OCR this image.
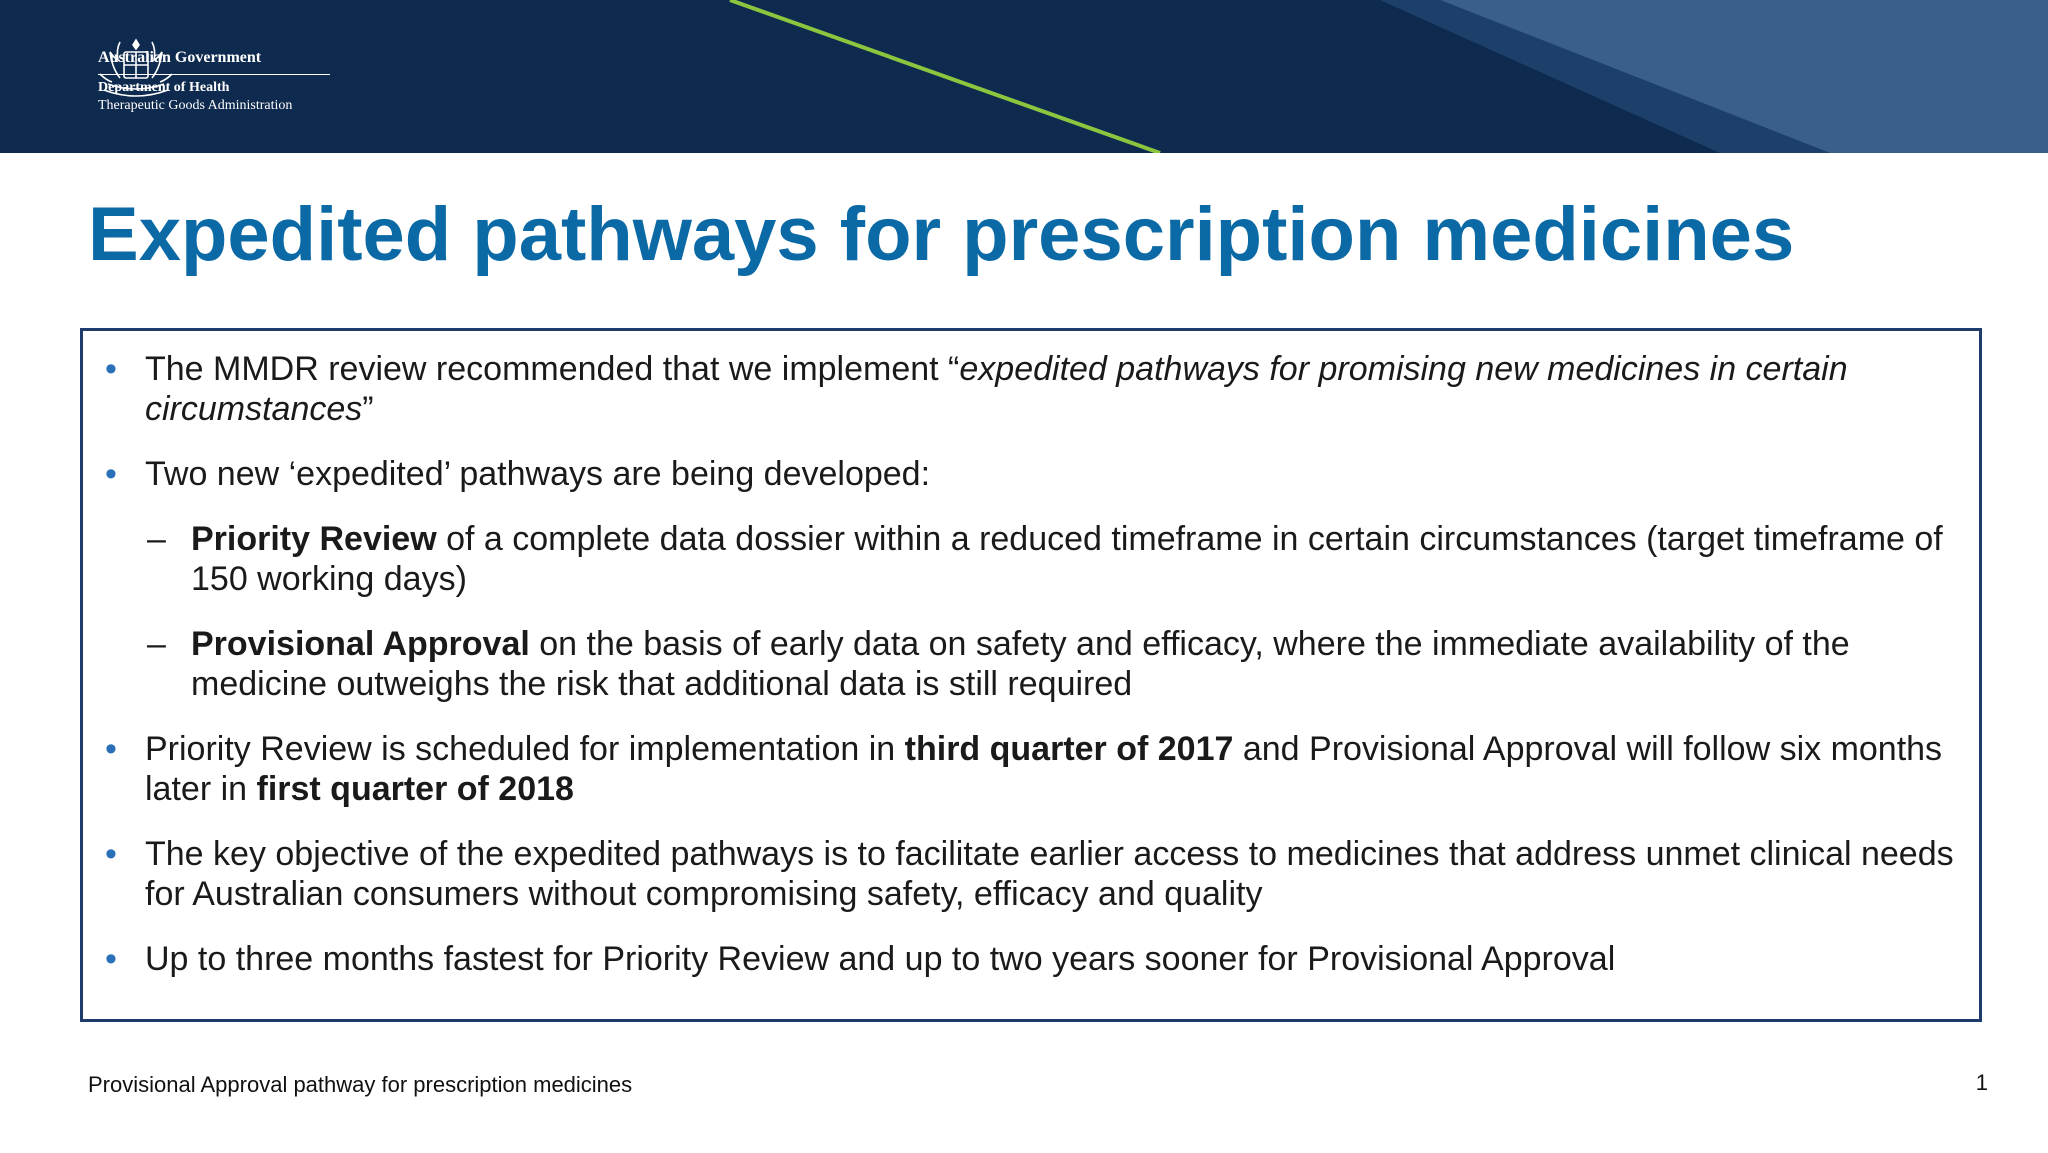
Australian Government
Department of Health
Therapeutic Goods Administration
Expedited pathways for prescription medicines
• The MMDR review recommended that we implement “expedited pathways for promising new medicines in certain circumstances”
• Two new ‘expedited’ pathways are being developed:
– Priority Review of a complete data dossier within a reduced timeframe in certain circumstances (target timeframe of 150 working days)
– Provisional Approval on the basis of early data on safety and efficacy, where the immediate availability of the medicine outweighs the risk that additional data is still required
• Priority Review is scheduled for implementation in third quarter of 2017 and Provisional Approval will follow six months later in first quarter of 2018
• The key objective of the expedited pathways is to facilitate earlier access to medicines that address unmet clinical needs for Australian consumers without compromising safety, efficacy and quality
• Up to three months fastest for Priority Review and up to two years sooner for Provisional Approval
Provisional Approval pathway for prescription medicines	1
